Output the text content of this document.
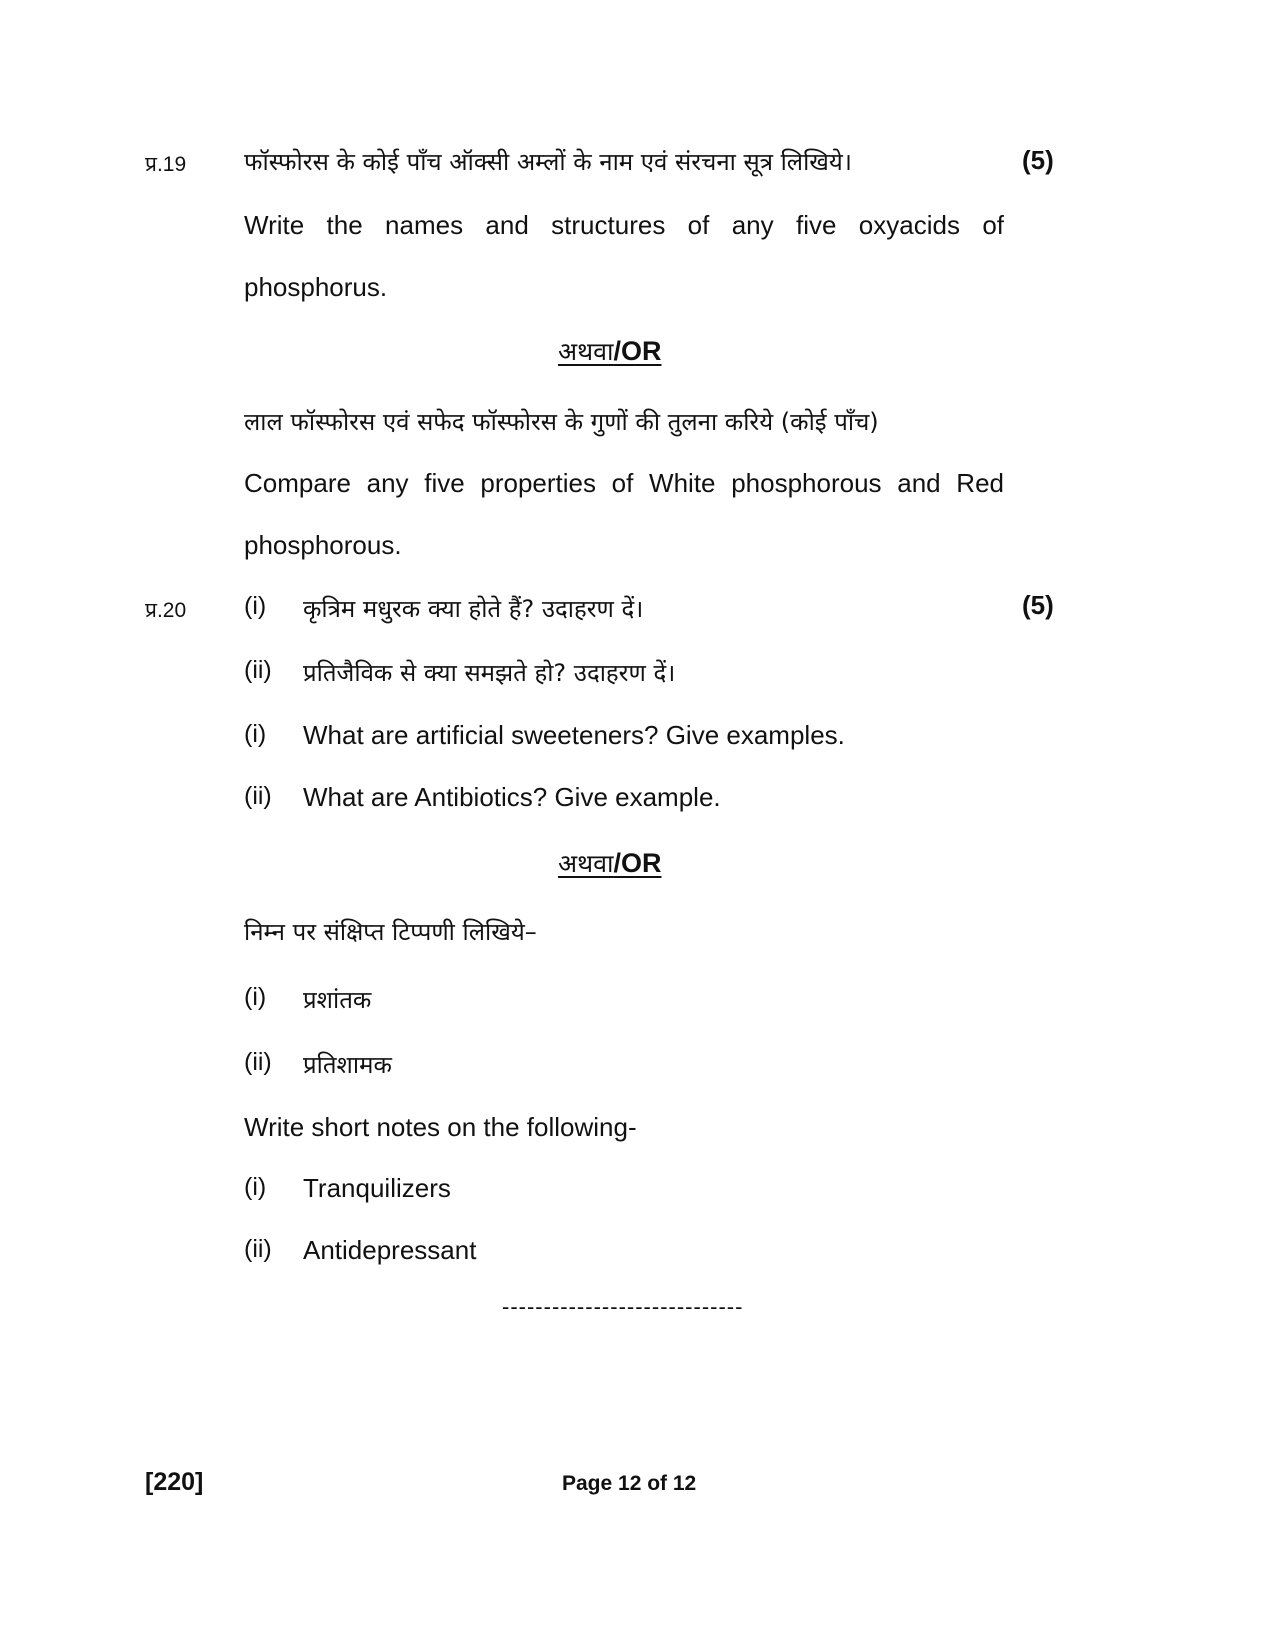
प्र.19 फॉस्फोरस के कोई पाँच ऑक्सी अम्लों के नाम एवं संरचना सूत्र लिखिये।	(5)
Write the names and structures of any five oxyacids of
phosphorus.
अथवा/OR
लाल फॉस्फोरस एवं सफेद फॉस्फोरस के गुणों की तुलना करिये (कोई पाँच)
Compare any five properties of White phosphorous and Red
phosphorous.
प्र.20	(5)
(i) कृत्रिम मधुरक क्या होते हैं? उदाहरण दें।
(ii) प्रतिजैविक से क्या समझते हो? उदाहरण दें।
(i) What are artificial sweeteners? Give examples.
(ii) What are Antibiotics? Give example.
अथवा/OR
निम्न पर संक्षिप्त टिप्पणी लिखिये–
(i) प्रशांतक
(ii) प्रतिशामक
Write short notes on the following-
(i) Tranquilizers
(ii) Antidepressant
-----------------------------
[220]	Page 12 of 12
